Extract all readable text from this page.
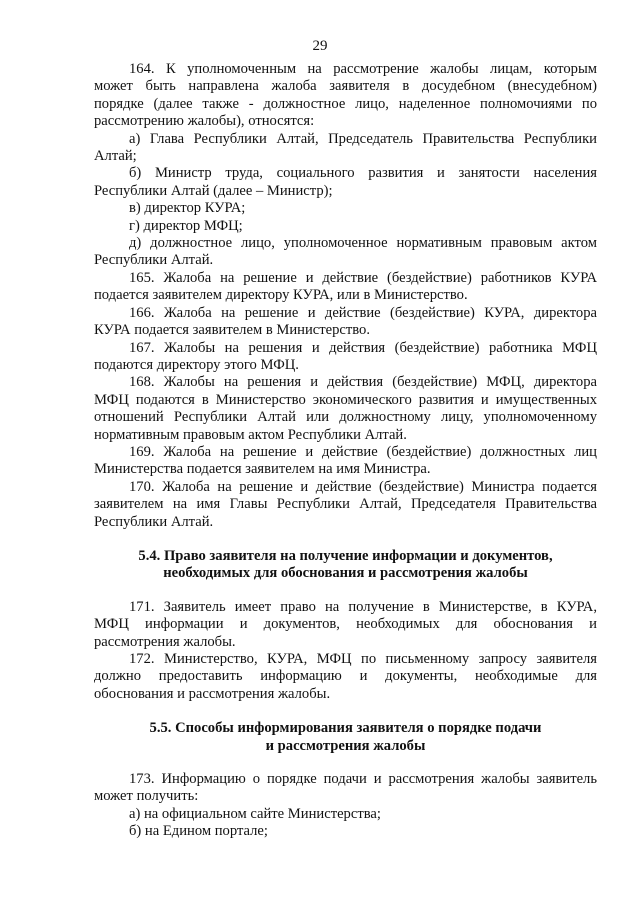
29
164. К уполномоченным на рассмотрение жалобы лицам, которым
может быть направлена жалоба заявителя в досудебном (внесудебном)
порядке (далее также - должностное лицо, наделенное полномочиями по
рассмотрению жалобы), относятся:
а) Глава Республики Алтай, Председатель Правительства Республики
Алтай;
б) Министр труда, социального развития и занятости населения
Республики Алтай (далее – Министр);
в) директор КУРА;
г) директор МФЦ;
д) должностное лицо, уполномоченное нормативным правовым актом
Республики Алтай.
165. Жалоба на решение и действие (бездействие) работников КУРА
подается заявителем директору КУРА, или в Министерство.
166. Жалоба на решение и действие (бездействие) КУРА, директора
КУРА подается заявителем в Министерство.
167. Жалобы на решения и действия (бездействие) работника МФЦ
подаются директору этого МФЦ.
168. Жалобы на решения и действия (бездействие) МФЦ, директора
МФЦ подаются в Министерство экономического развития и имущественных
отношений Республики Алтай или должностному лицу, уполномоченному
нормативным правовым актом Республики Алтай.
169. Жалоба на решение и действие (бездействие) должностных лиц
Министерства подается заявителем на имя Министра.
170. Жалоба на решение и действие (бездействие) Министра подается
заявителем на имя Главы Республики Алтай, Председателя Правительства
Республики Алтай.
5.4. Право заявителя на получение информации и документов,
необходимых для обоснования и рассмотрения жалобы
171. Заявитель имеет право на получение в Министерстве, в КУРА,
МФЦ информации и документов, необходимых для обоснования и
рассмотрения жалобы.
172. Министерство, КУРА, МФЦ по письменному запросу заявителя
должно предоставить информацию и документы, необходимые для
обоснования и рассмотрения жалобы.
5.5. Способы информирования заявителя о порядке подачи
и рассмотрения жалобы
173. Информацию о порядке подачи и рассмотрения жалобы заявитель
может получить:
а) на официальном сайте Министерства;
б) на Едином портале;
